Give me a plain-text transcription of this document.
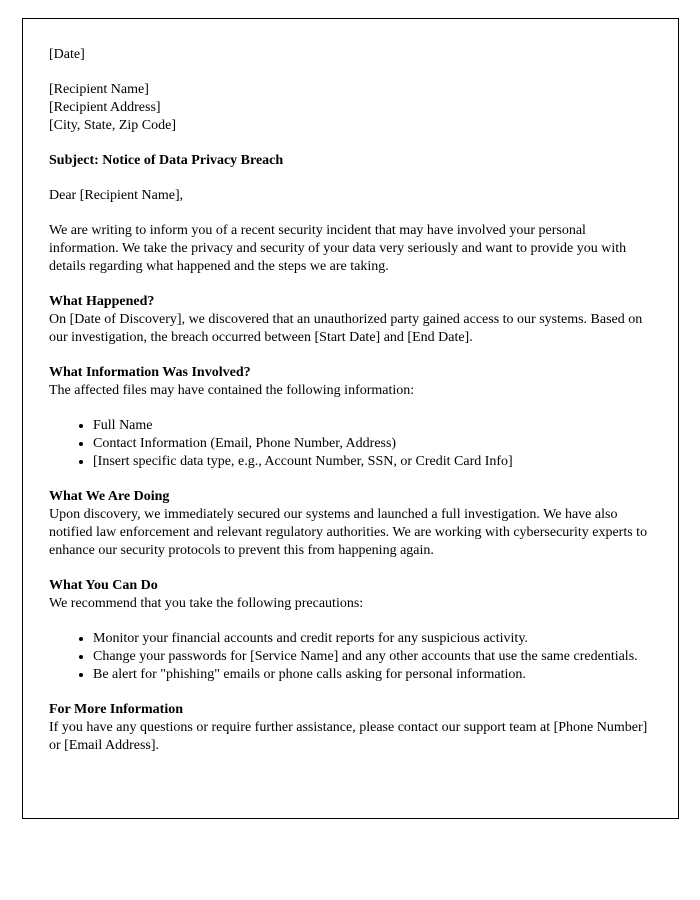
[Date]
[Recipient Name]
[Recipient Address]
[City, State, Zip Code]
Subject: Notice of Data Privacy Breach
Dear [Recipient Name],
We are writing to inform you of a recent security incident that may have involved your personal information. We take the privacy and security of your data very seriously and want to provide you with details regarding what happened and the steps we are taking.
What Happened?
On [Date of Discovery], we discovered that an unauthorized party gained access to our systems. Based on our investigation, the breach occurred between [Start Date] and [End Date].
What Information Was Involved?
The affected files may have contained the following information:
• Full Name
• Contact Information (Email, Phone Number, Address)
• [Insert specific data type, e.g., Account Number, SSN, or Credit Card Info]
What We Are Doing
Upon discovery, we immediately secured our systems and launched a full investigation. We have also notified law enforcement and relevant regulatory authorities. We are working with cybersecurity experts to enhance our security protocols to prevent this from happening again.
What You Can Do
We recommend that you take the following precautions:
• Monitor your financial accounts and credit reports for any suspicious activity.
• Change your passwords for [Service Name] and any other accounts that use the same credentials.
• Be alert for "phishing" emails or phone calls asking for personal information.
For More Information
If you have any questions or require further assistance, please contact our support team at [Phone Number] or [Email Address].
